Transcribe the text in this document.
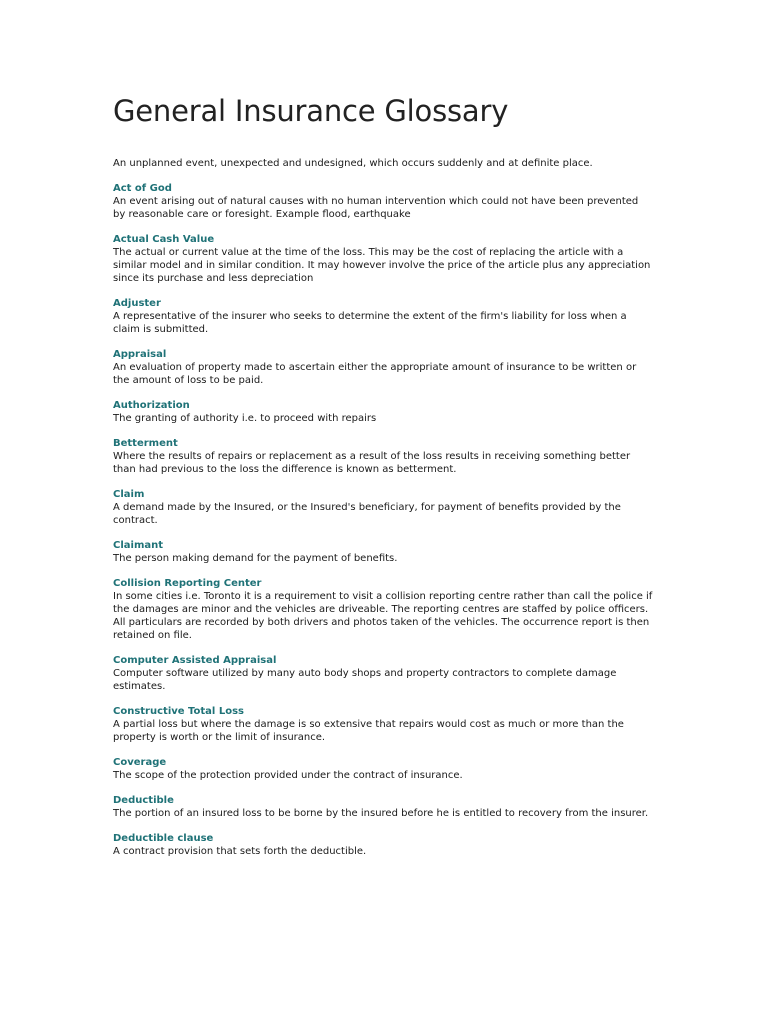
General Insurance Glossary

An unplanned event, unexpected and undesigned, which occurs suddenly and at definite place.

Act of God

An event arising out of natural causes with no human intervention which could not have been prevented by reasonable care or foresight. Example flood, earthquake

Actual Cash Value

The actual or current value at the time of the loss. This may be the cost of replacing the article with a similar model and in similar condition. It may however involve the price of the article plus any appreciation since its purchase and less depreciation

Adjuster

A representative of the insurer who seeks to determine the extent of the firm's liability for loss when a claim is submitted.

Appraisal

An evaluation of property made to ascertain either the appropriate amount of insurance to be written or the amount of loss to be paid.

Authorization

The granting of authority i.e. to proceed with repairs

Betterment

Where the results of repairs or replacement as a result of the loss results in receiving something better than had previous to the loss the difference is known as betterment.

Claim

A demand made by the Insured, or the Insured's beneficiary, for payment of benefits provided by the contract.

Claimant

The person making demand for the payment of benefits.

Collision Reporting Center

In some cities i.e. Toronto it is a requirement to visit a collision reporting centre rather than call the police if the damages are minor and the vehicles are driveable. The reporting centres are staffed by police officers. All particulars are recorded by both drivers and photos taken of the vehicles. The occurrence report is then retained on file.

Computer Assisted Appraisal

Computer software utilized by many auto body shops and property contractors to complete damage estimates.

Constructive Total Loss

A partial loss but where the damage is so extensive that repairs would cost as much or more than the property is worth or the limit of insurance.

Coverage

The scope of the protection provided under the contract of insurance.

Deductible

The portion of an insured loss to be borne by the insured before he is entitled to recovery from the insurer.

Deductible clause

A contract provision that sets forth the deductible.
